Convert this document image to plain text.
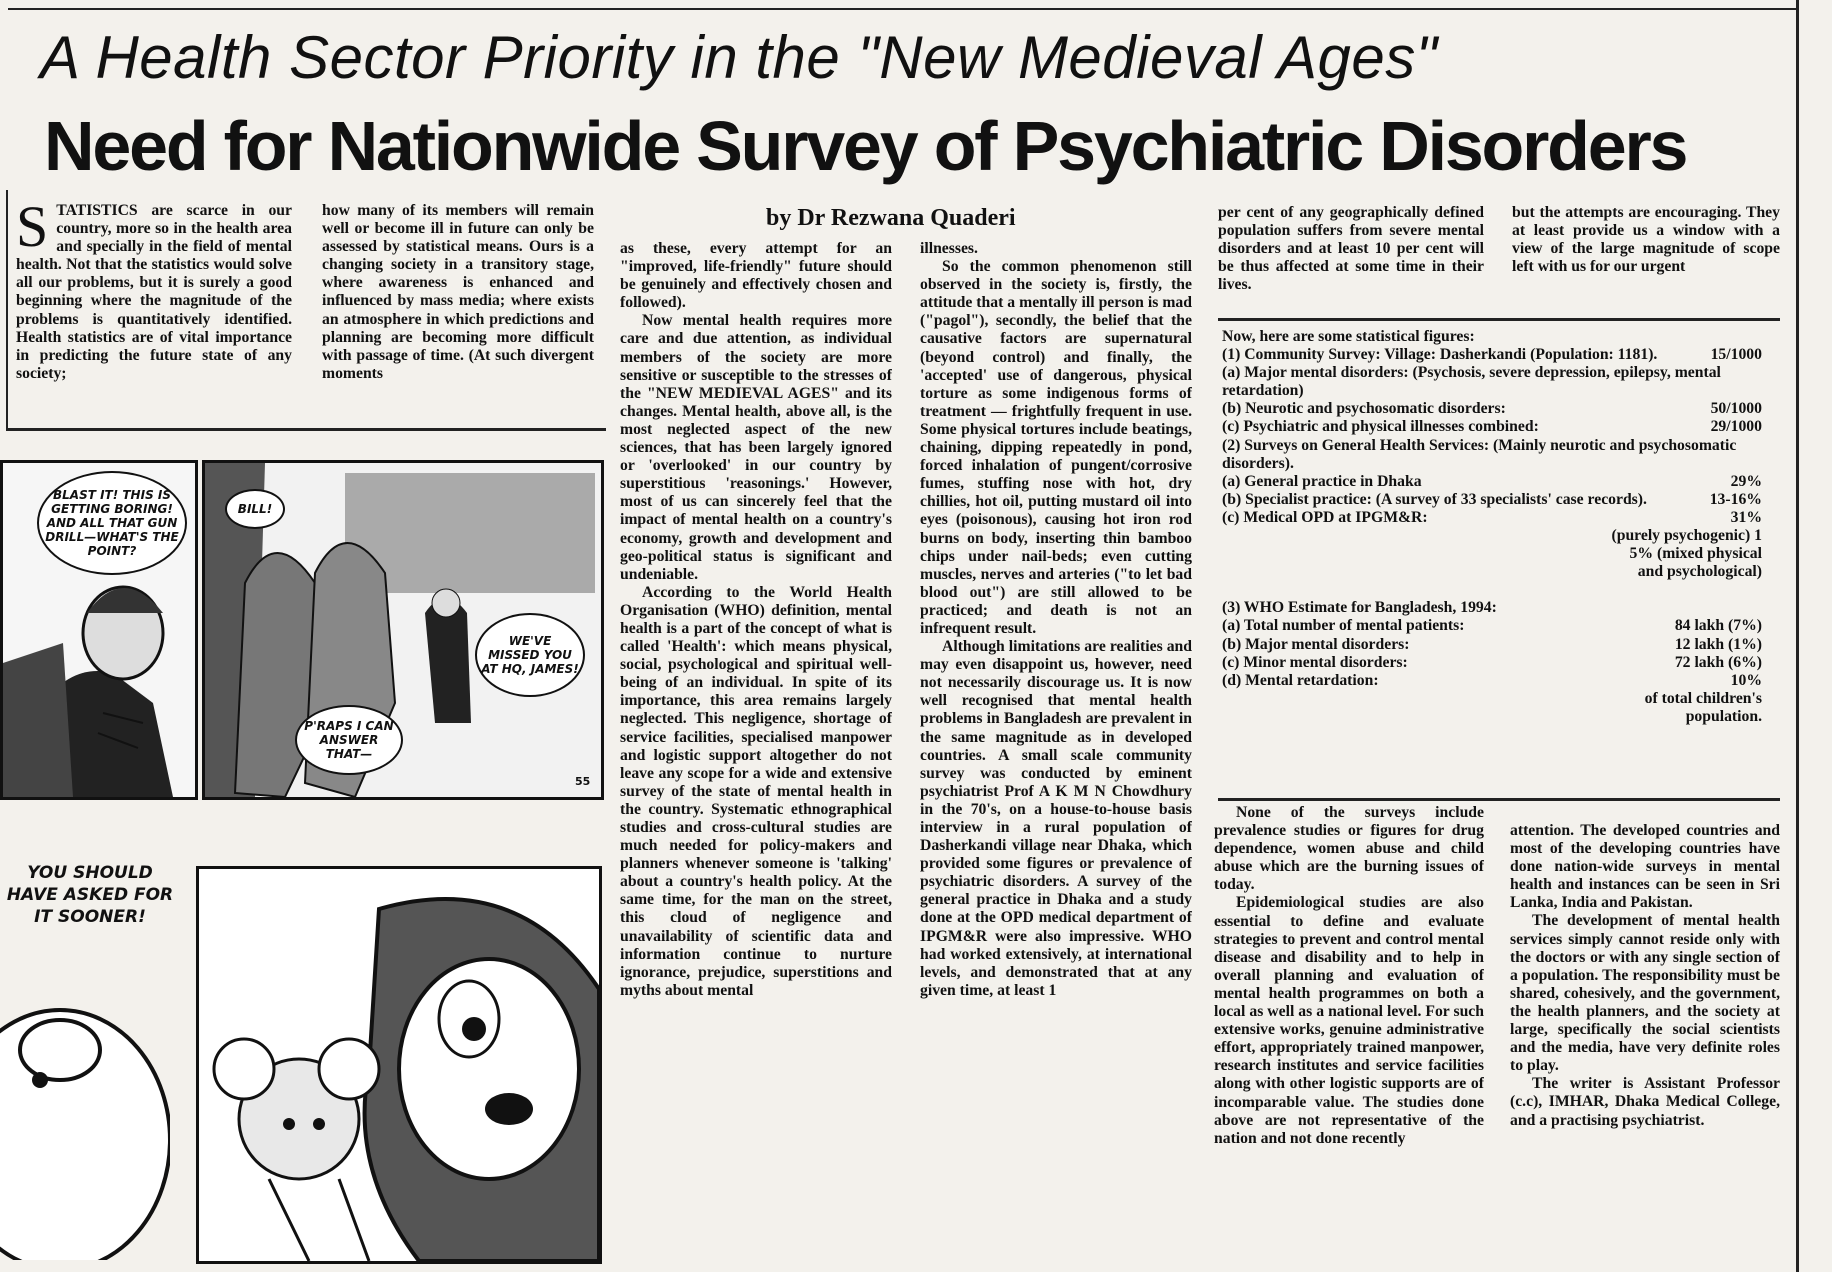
A Health Sector Priority in the "New Medieval Ages"
Need for Nationwide Survey of Psychiatric Disorders
by Dr Rezwana Quaderi

STATISTICS are scarce in our country, more so in the health area and specially in the field of mental health. Not that the statistics would solve all our problems, but it is surely a good beginning where the magnitude of the problems is quantitatively identified. Health statistics are of vital importance in predicting the future state of any society;

how many of its members will remain well or become ill in future can only be assessed by statistical means. Ours is a changing society in a transitory stage, where awareness is enhanced and influenced by mass media; where exists an atmosphere in which predictions and planning are becoming more difficult with passage of time. (At such divergent moments

as these, every attempt for an "improved, life-friendly" future should be genuinely and effectively chosen and followed).

Now mental health requires more care and due attention, as individual members of the society are more sensitive or susceptible to the stresses of the "NEW MEDIEVAL AGES" and its changes. Mental health, above all, is the most neglected aspect of the new sciences, that has been largely ignored or 'overlooked' in our country by superstitious 'reasonings.' However, most of us can sincerely feel that the impact of mental health on a country's economy, growth and development and geo-political status is significant and undeniable.

According to the World Health Organisation (WHO) definition, mental health is a part of the concept of what is called 'Health': which means physical, social, psychological and spiritual well-being of an individual. In spite of its importance, this area remains largely neglected. This negligence, shortage of service facilities, specialised manpower and logistic support altogether do not leave any scope for a wide and extensive survey of the state of mental health in the country. Systematic ethnographical studies and cross-cultural studies are much needed for policy-makers and planners whenever someone is 'talking' about a country's health policy. At the same time, for the man on the street, this cloud of negligence and unavailability of scientific data and information continue to nurture ignorance, prejudice, superstitions and myths about mental

illnesses.

So the common phenomenon still observed in the society is, firstly, the attitude that a mentally ill person is mad ("pagol"), secondly, the belief that the causative factors are supernatural (beyond control) and finally, the 'accepted' use of dangerous, physical torture as some indigenous forms of treatment — frightfully frequent in use. Some physical tortures include beatings, chaining, dipping repeatedly in pond, forced inhalation of pungent/corrosive fumes, stuffing nose with hot, dry chillies, hot oil, putting mustard oil into eyes (poisonous), causing hot iron rod burns on body, inserting thin bamboo chips under nail-beds; even cutting muscles, nerves and arteries ("to let bad blood out") are still allowed to be practiced; and death is not an infrequent result.

Although limitations are realities and may even disappoint us, however, need not necessarily discourage us. It is now well recognised that mental health problems in Bangladesh are prevalent in the same magnitude as in developed countries. A small scale community survey was conducted by eminent psychiatrist Prof A K M N Chowdhury in the 70's, on a house-to-house basis interview in a rural population of Dasherkandi village near Dhaka, which provided some figures or prevalence of psychiatric disorders. A survey of the general practice in Dhaka and a study done at the OPD medical department of IPGM&R were also impressive. WHO had worked extensively, at international levels, and demonstrated that at any given time, at least 1

per cent of any geographically defined population suffers from severe mental disorders and at least 10 per cent will be thus affected at some time in their lives.

but the attempts are encouraging. They at least provide us a window with a view of the large magnitude of scope left with us for our urgent

Now, here are some statistical figures:
(1) Community Survey: Village: Dasherkandi (Population: 1181).	15/1000
(a) Major mental disorders: (Psychosis, severe depression, epilepsy, mental retardation)
(b) Neurotic and psychosomatic disorders:	50/1000
(c) Psychiatric and physical illnesses combined:	29/1000
(2) Surveys on General Health Services: (Mainly neurotic and psychosomatic disorders).
(a) General practice in Dhaka	29%
(b) Specialist practice: (A survey of 33 specialists' case records).	13-16%
(c) Medical OPD at IPGM&R:	31%
(purely psychogenic) 1
5% (mixed physical
and psychological)
(3) WHO Estimate for Bangladesh, 1994:
(a) Total number of mental patients:	84 lakh (7%)
(b) Major mental disorders:	12 lakh (1%)
(c) Minor mental disorders:	72 lakh (6%)
(d) Mental retardation:	10%
of total children's
population.

None of the surveys include prevalence studies or figures for drug dependence, women abuse and child abuse which are the burning issues of today.

Epidemiological studies are also essential to define and evaluate strategies to prevent and control mental disease and disability and to help in overall planning and evaluation of mental health programmes on both a local as well as a national level. For such extensive works, genuine administrative effort, appropriately trained manpower, research institutes and service facilities along with other logistic supports are of incomparable value. The studies done above are not representative of the nation and not done recently

attention. The developed countries and most of the developing countries have done nation-wide surveys in mental health and instances can be seen in Sri Lanka, India and Pakistan.

The development of mental health services simply cannot reside only with the doctors or with any single section of a population. The responsibility must be shared, cohesively, and the government, the health planners, and the society at large, specifically the social scientists and the media, have very definite roles to play.

The writer is Assistant Professor (c.c), IMHAR, Dhaka Medical College, and a practising psychiatrist.

BLAST IT! THIS IS GETTING BORING! AND ALL THAT GUN DRILL—WHAT'S THE POINT?
BILL!
WE'VE MISSED YOU AT HQ, JAMES!
P'RAPS I CAN ANSWER THAT—
55
YOU SHOULD HAVE ASKED FOR IT SOONER!
